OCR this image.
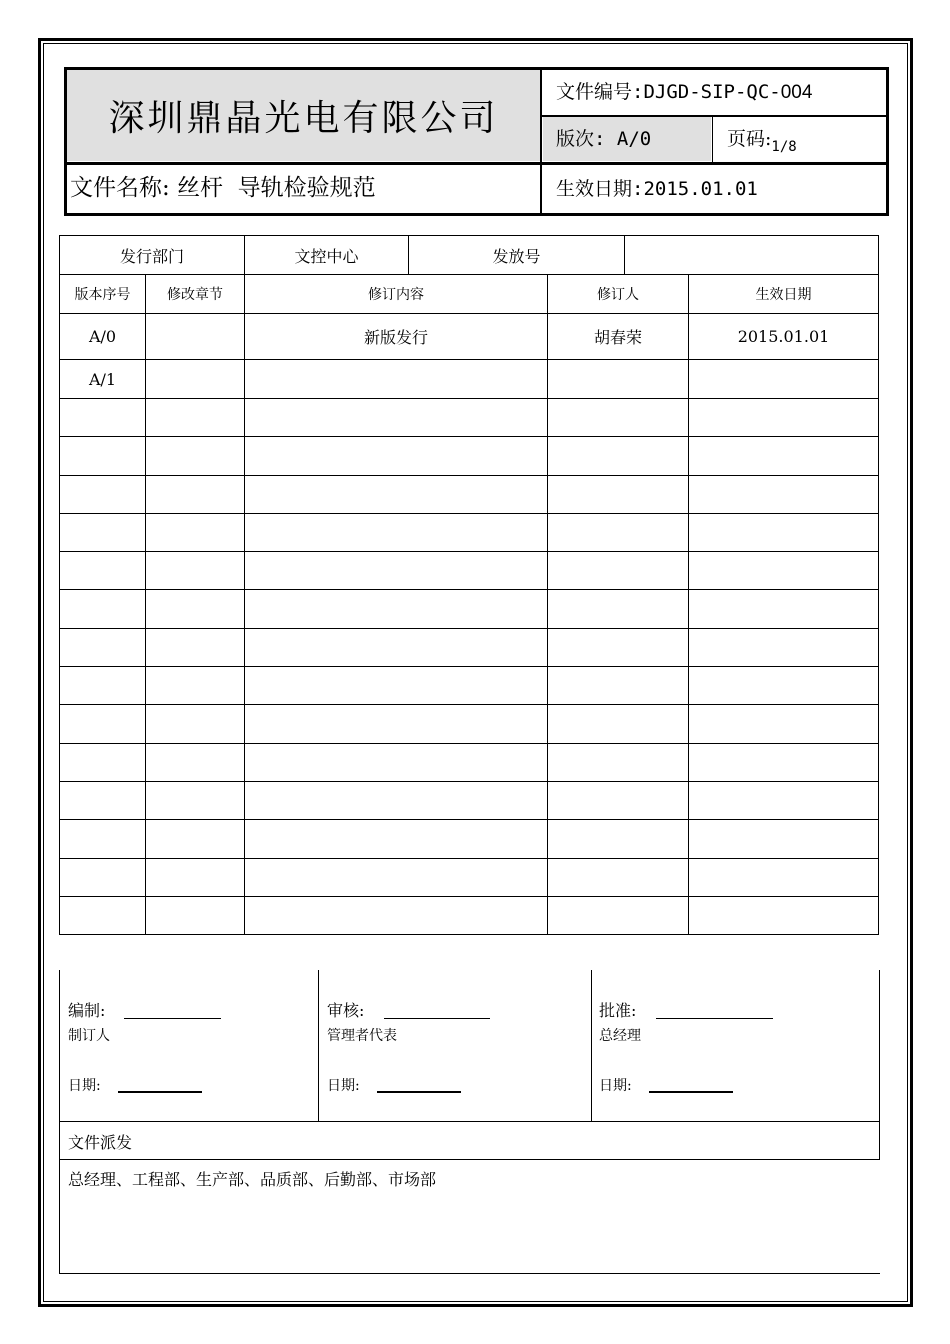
深圳鼎晶光电有限公司
文件编号:DJGD-SIP-QC-004
版次: A/0	页码$:_{1/8}$
文件名称: 丝杆  导轨检验规范	生效日期:2015.01.01
发行部门		文控中心	发放号			
版本序号	修改章节	修订内容		修订人		生效日期
A/0		新版发行		胡春荣		2015.01.01
A/1						

编制:
制订人
日期:
审核:
管理者代表
日期:
批准:
总经理
日期:
文件派发
总经理、工程部、生产部、品质部、后勤部、市场部
